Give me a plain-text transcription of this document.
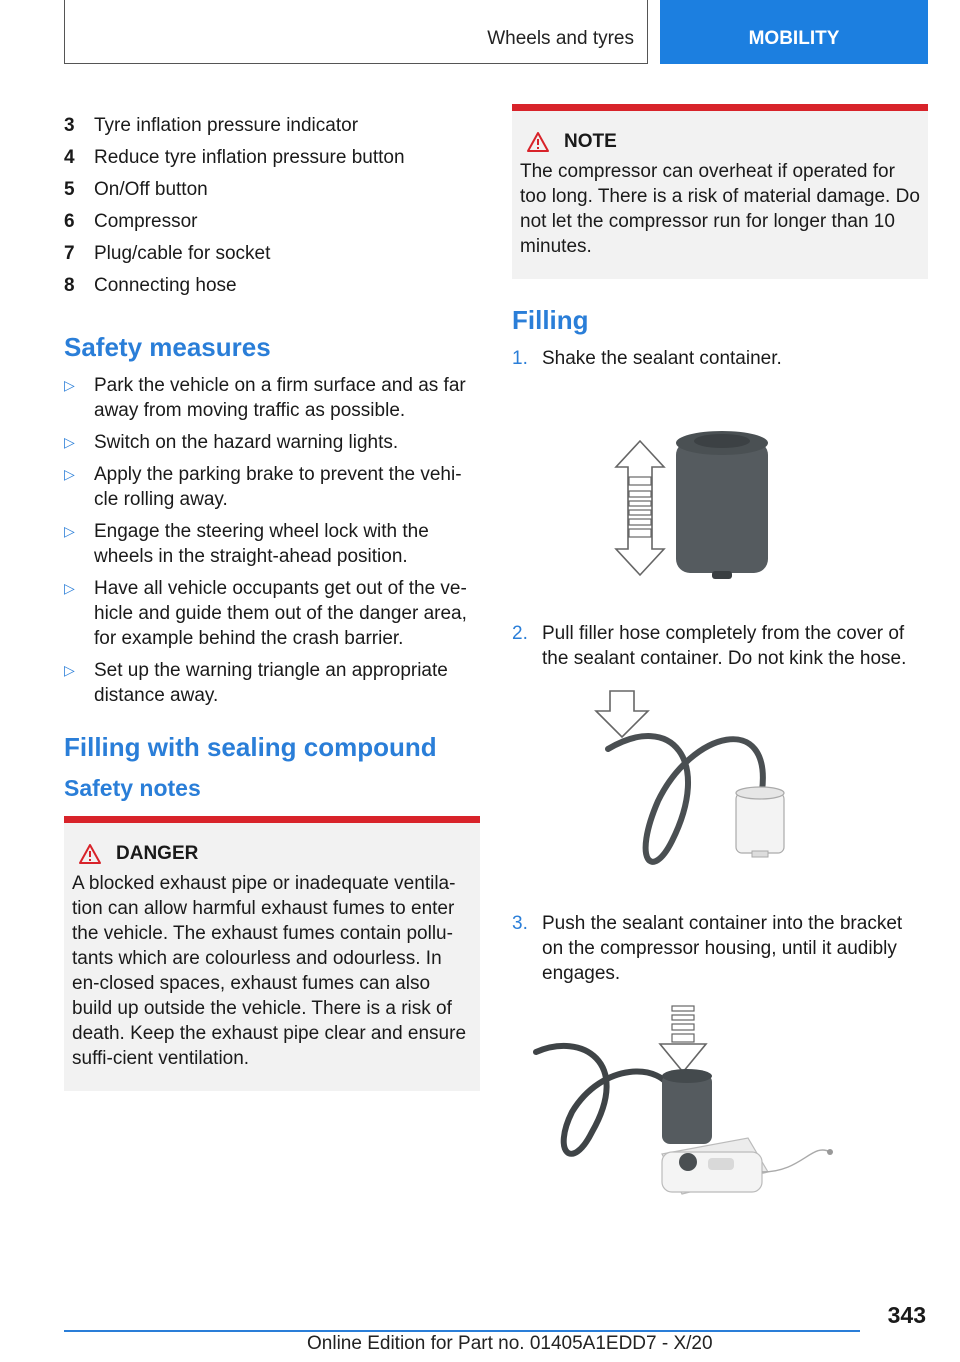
Wheels and tyres	MOBILITY
3	Tyre inflation pressure indicator
4	Reduce tyre inflation pressure button
5	On/Off button
6	Compressor
7	Plug/cable for socket
8	Connecting hose
Safety measures
▷	Park the vehicle on a firm surface and as far away from moving traffic as possible.
▷	Switch on the hazard warning lights.
▷	Apply the parking brake to prevent the vehi‐cle rolling away.
▷	Engage the steering wheel lock with the wheels in the straight-ahead position.
▷	Have all vehicle occupants get out of the ve‐hicle and guide them out of the danger area, for example behind the crash barrier.
▷	Set up the warning triangle an appropriate distance away.
Filling with sealing compound
Safety notes
DANGER
A blocked exhaust pipe or inadequate ventila‐tion can allow harmful exhaust fumes to enter the vehicle. The exhaust fumes contain pollu‐tants which are colourless and odourless. In en‐closed spaces, exhaust fumes can also build up outside the vehicle. There is a risk of death. Keep the exhaust pipe clear and ensure suffi‐cient ventilation.
NOTE
The compressor can overheat if operated for too long. There is a risk of material damage. Do not let the compressor run for longer than 10 minutes.
Filling
1. Shake the sealant container.
2. Pull filler hose completely from the cover of the sealant container. Do not kink the hose.
3. Push the sealant container into the bracket on the compressor housing, until it audibly engages.
343
Online Edition for Part no. 01405A1EDD7 - X/20
